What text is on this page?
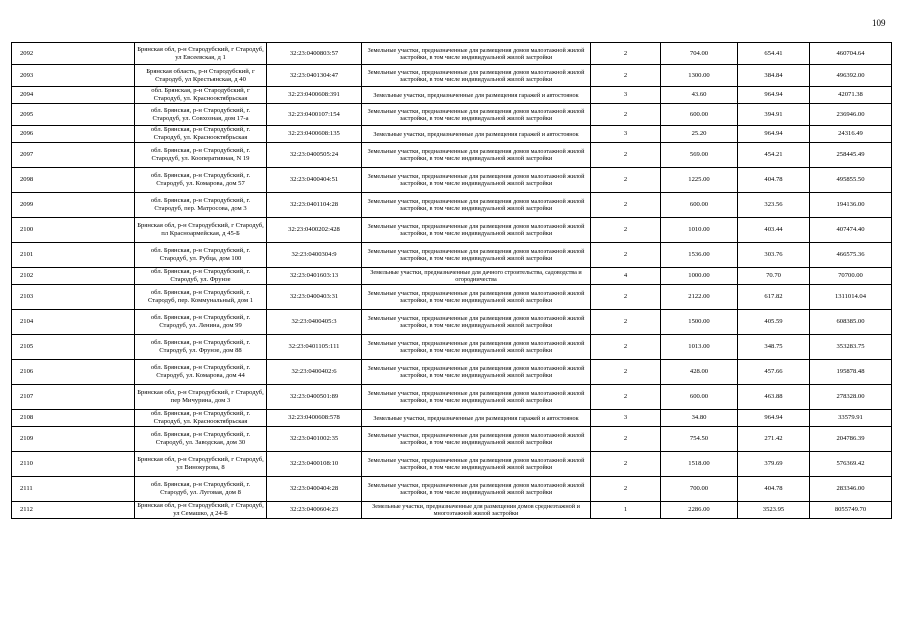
109
2092	Брянская обл, р-н Стародубский, г Стародуб, ул Евсеевская, д 1	32:23:0400803:57	Земельные участки, предназначенные для размещения домов малоэтажной жилой застройки, в том числе индивидуальной жилой застройки	2	704.00	654.41	460704.64
2093	Брянская область, р-н Стародубский, г Стародуб, ул Крестьянская, д 40	32:23:0401304:47	Земельные участки, предназначенные для размещения домов малоэтажной жилой застройки, в том числе индивидуальной жилой застройки	2	1300.00	384.84	496392.00
2094	обл. Брянская, р-н Стародубский, г Стародуб, ул. Краснооктябрьская	32:23:0400608:391	Земельные участки, предназначенные для размещения гаражей и автостоянок	3	43.60	964.94	42071.38
2095	обл. Брянская, р-н Стародубский, г. Стародуб, ул. Совхозная, дом 17-а	32:23:0400107:154	Земельные участки, предназначенные для размещения домов малоэтажной жилой застройки, в том числе индивидуальной жилой застройки	2	600.00	394.91	236946.00
2096	обл. Брянская, р-н Стародубский, г. Стародуб, ул. Краснооктябрьская	32:23:0400608:135	Земельные участки, предназначенные для размещения гаражей и автостоянок	3	25.20	964.94	24316.49
2097	обл. Брянская, р-н Стародубский, г. Стародуб, ул. Кооперативная, N 19	32:23:0400505:24	Земельные участки, предназначенные для размещения домов малоэтажной жилой застройки, в том числе индивидуальной жилой застройки	2	569.00	454.21	258445.49
2098	обл. Брянская, р-н Стародубский, г. Стародуб, ул. Комарова, дом 57	32:23:0400404:51	Земельные участки, предназначенные для размещения домов малоэтажной жилой застройки, в том числе индивидуальной жилой застройки	2	1225.00	404.78	495855.50
2099	обл. Брянская, р-н Стародубский, г. Стародуб, пер. Матросова, дом 3	32:23:0401104:28	Земельные участки, предназначенные для размещения домов малоэтажной жилой застройки, в том числе индивидуальной жилой застройки	2	600.00	323.56	194136.00
2100	Брянская обл, р-н Стародубский, г Стародуб, пл Красноармейская, д 45-Б	32:23:0400202:428	Земельные участки, предназначенные для размещения домов малоэтажной жилой застройки, в том числе индивидуальной жилой застройки	2	1010.00	403.44	407474.40
2101	обл. Брянская, р-н Стародубский, г. Стародуб, ул. Рубца, дом 100	32:23:0400304:9	Земельные участки, предназначенные для размещения домов малоэтажной жилой застройки, в том числе индивидуальной жилой застройки	2	1536.00	303.76	466575.36
2102	обл. Брянская, р-н Стародубский, г. Стародуб, ул. Фрунзе	32:23:0401603:13	Земельные участки, предназначенные для дачного строительства, садоводства и огородничества	4	1000.00	70.70	70700.00
2103	обл. Брянская, р-н Стародубский, г. Стародуб, пер. Коммунальный, дом 1	32:23:0400403:31	Земельные участки, предназначенные для размещения домов малоэтажной жилой застройки, в том числе индивидуальной жилой застройки	2	2122.00	617.82	1311014.04
2104	обл. Брянская, р-н Стародубский, г. Стародуб, ул. Ленина, дом 99	32:23:0400405:3	Земельные участки, предназначенные для размещения домов малоэтажной жилой застройки, в том числе индивидуальной жилой застройки	2	1500.00	405.59	608385.00
2105	обл. Брянская, р-н Стародубский, г. Стародуб, ул. Фрунзе, дом 88	32:23:0401105:111	Земельные участки, предназначенные для размещения домов малоэтажной жилой застройки, в том числе индивидуальной жилой застройки	2	1013.00	348.75	353283.75
2106	обл. Брянская, р-н Стародубский, г. Стародуб, ул. Комарова, дом 44	32:23:0400402:6	Земельные участки, предназначенные для размещения домов малоэтажной жилой застройки, в том числе индивидуальной жилой застройки	2	428.00	457.66	195878.48
2107	Брянская обл, р-н Стародубский, г Стародуб, пер Мичурина, дом 3	32:23:0400501:89	Земельные участки, предназначенные для размещения домов малоэтажной жилой застройки, в том числе индивидуальной жилой застройки	2	600.00	463.88	278328.00
2108	обл. Брянская, р-н Стародубский, г. Стародуб, ул. Краснооктябрьская	32:23:0400608:578	Земельные участки, предназначенные для размещения гаражей и автостоянок	3	34.80	964.94	33579.91
2109	обл. Брянская, р-н Стародубский, г. Стародуб, ул. Заводская, дом 30	32:23:0401002:35	Земельные участки, предназначенные для размещения домов малоэтажной жилой застройки, в том числе индивидуальной жилой застройки	2	754.50	271.42	204786.39
2110	Брянская обл, р-н Стародубский, г Стародуб, ул Винокурова, 8	32:23:0400108:10	Земельные участки, предназначенные для размещения домов малоэтажной жилой застройки, в том числе индивидуальной жилой застройки	2	1518.00	379.69	576369.42
2111	обл. Брянская, р-н Стародубский, г. Стародуб, ул. Луговая, дом 8	32:23:0400404:28	Земельные участки, предназначенные для размещения домов малоэтажной жилой застройки, в том числе индивидуальной жилой застройки	2	700.00	404.78	283346.00
2112	Брянская обл, р-н Стародубский, г Стародуб, ул Семашко, д 24-Б	32:23:0400604:23	Земельные участки, предназначенные для размещения домов среднеэтажной и многоэтажной жилой застройки	1	2286.00	3523.95	8055749.70
